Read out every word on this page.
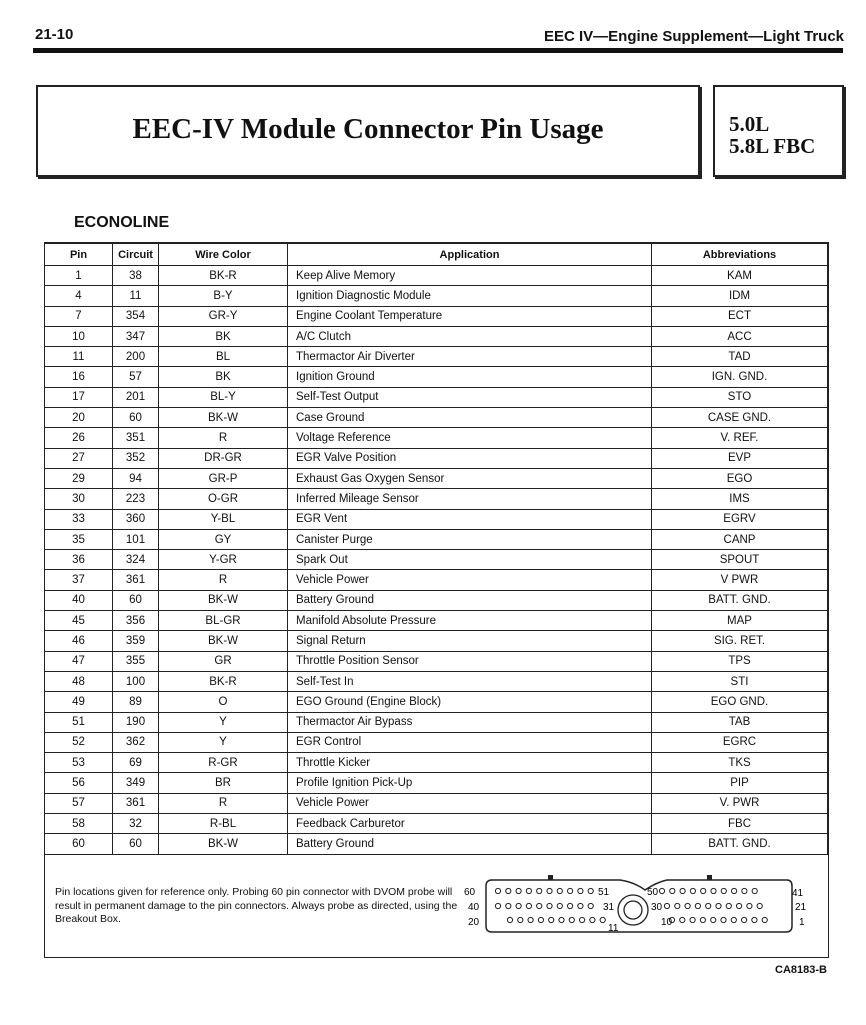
21-10	EEC IV—Engine Supplement—Light Truck
EEC-IV Module Connector Pin Usage	5.0L
5.8L FBC
ECONOLINE
Pin	Circuit	Wire Color	Application	Abbreviations
1	38	BK-R	Keep Alive Memory	KAM
4	11	B-Y	Ignition Diagnostic Module	IDM
7	354	GR-Y	Engine Coolant Temperature	ECT
10	347	BK	A/C Clutch	ACC
11	200	BL	Thermactor Air Diverter	TAD
16	57	BK	Ignition Ground	IGN. GND.
17	201	BL-Y	Self-Test Output	STO
20	60	BK-W	Case Ground	CASE GND.
26	351	R	Voltage Reference	V. REF.
27	352	DR-GR	EGR Valve Position	EVP
29	94	GR-P	Exhaust Gas Oxygen Sensor	EGO
30	223	O-GR	Inferred Mileage Sensor	IMS
33	360	Y-BL	EGR Vent	EGRV
35	101	GY	Canister Purge	CANP
36	324	Y-GR	Spark Out	SPOUT
37	361	R	Vehicle Power	V PWR
40	60	BK-W	Battery Ground	BATT. GND.
45	356	BL-GR	Manifold Absolute Pressure	MAP
46	359	BK-W	Signal Return	SIG. RET.
47	355	GR	Throttle Position Sensor	TPS
48	100	BK-R	Self-Test In	STI
49	89	O	EGO Ground (Engine Block)	EGO GND.
51	190	Y	Thermactor Air Bypass	TAB
52	362	Y	EGR Control	EGRC
53	69	R-GR	Throttle Kicker	TKS
56	349	BR	Profile Ignition Pick-Up	PIP
57	361	R	Vehicle Power	V. PWR
58	32	R-BL	Feedback Carburetor	FBC
60	60	BK-W	Battery Ground	BATT. GND.
Pin locations given for reference only. Probing 60 pin connector with DVOM probe will result in permanent damage to the pin connectors. Always probe as directed, using the Breakout Box.
60
40
20
41
21
1
51	50
31	30
11
10
CA8183-B
